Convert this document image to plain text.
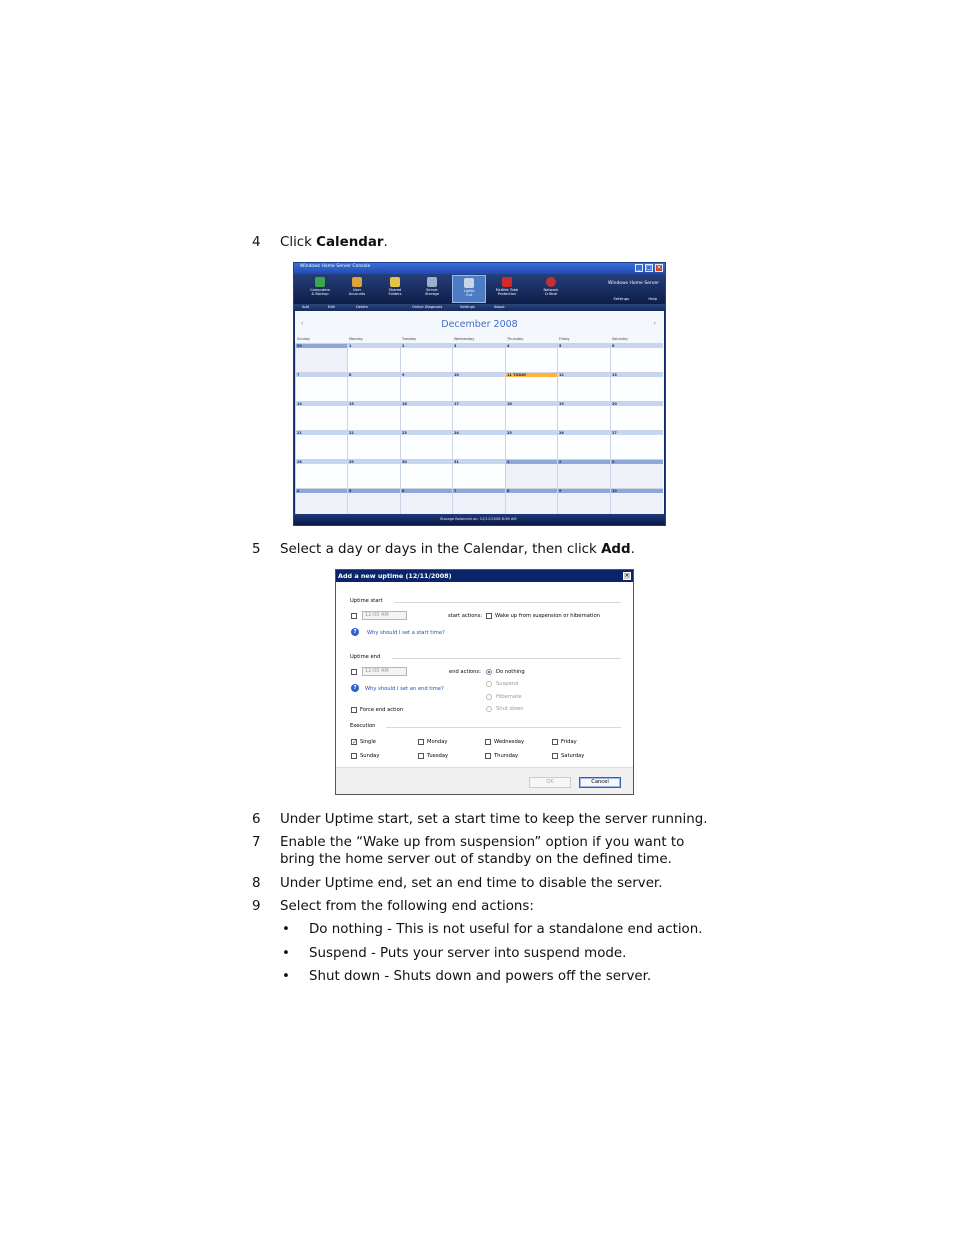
4 Click Calendar.
Windows Home Server Console	_ □ ×
Computers
& Backup
User
Accounts
Shared
Folders
Server
Storage
Lights
Out
McAfee Total
Protection
Network
Critical
Windows Home Server
Settings	Help
Add	Edit	Delete	Online Diagnosis	Settings	About
‹	December 2008	›
Sunday	Monday	Tuesday	Wednesday	Thursday	Friday	Saturday
30	1	2	3	4	5	6
7	8	9	10	11 TODAY	12	13
14	15	16	17	18	19	20
21	22	23	24	25	26	27
28	29	30	31	1	2	3
4	5	6	7	8	9	10
Storage Balanced on: 12/11/2008 8:56 AM
5 Select a day or days in the Calendar, then click Add.
Add a new uptime (12/11/2008)	×
Uptime start
12:00 AM	start actions: Wake up from suspension or hibernation
?	Why should I set a start time?
Uptime end
12:00 AM	end actions:	Do nothing
Suspend
Hibernate
Shut down
?	Why should I set an end time?
Force end action
Execution
✓ Single	Monday	Wednesday	Friday
Sunday	Tuesday	Thursday	Saturday
OK	Cancel
6 Under Uptime start, set a start time to keep the server running.
7 Enable the “Wake up from suspension” option if you want to
bring the home server out of standby on the defined time.
8 Under Uptime end, set an end time to disable the server.
9 Select from the following end actions:
• Do nothing - This is not useful for a standalone end action.
• Suspend - Puts your server into suspend mode.
• Shut down - Shuts down and powers off the server.
